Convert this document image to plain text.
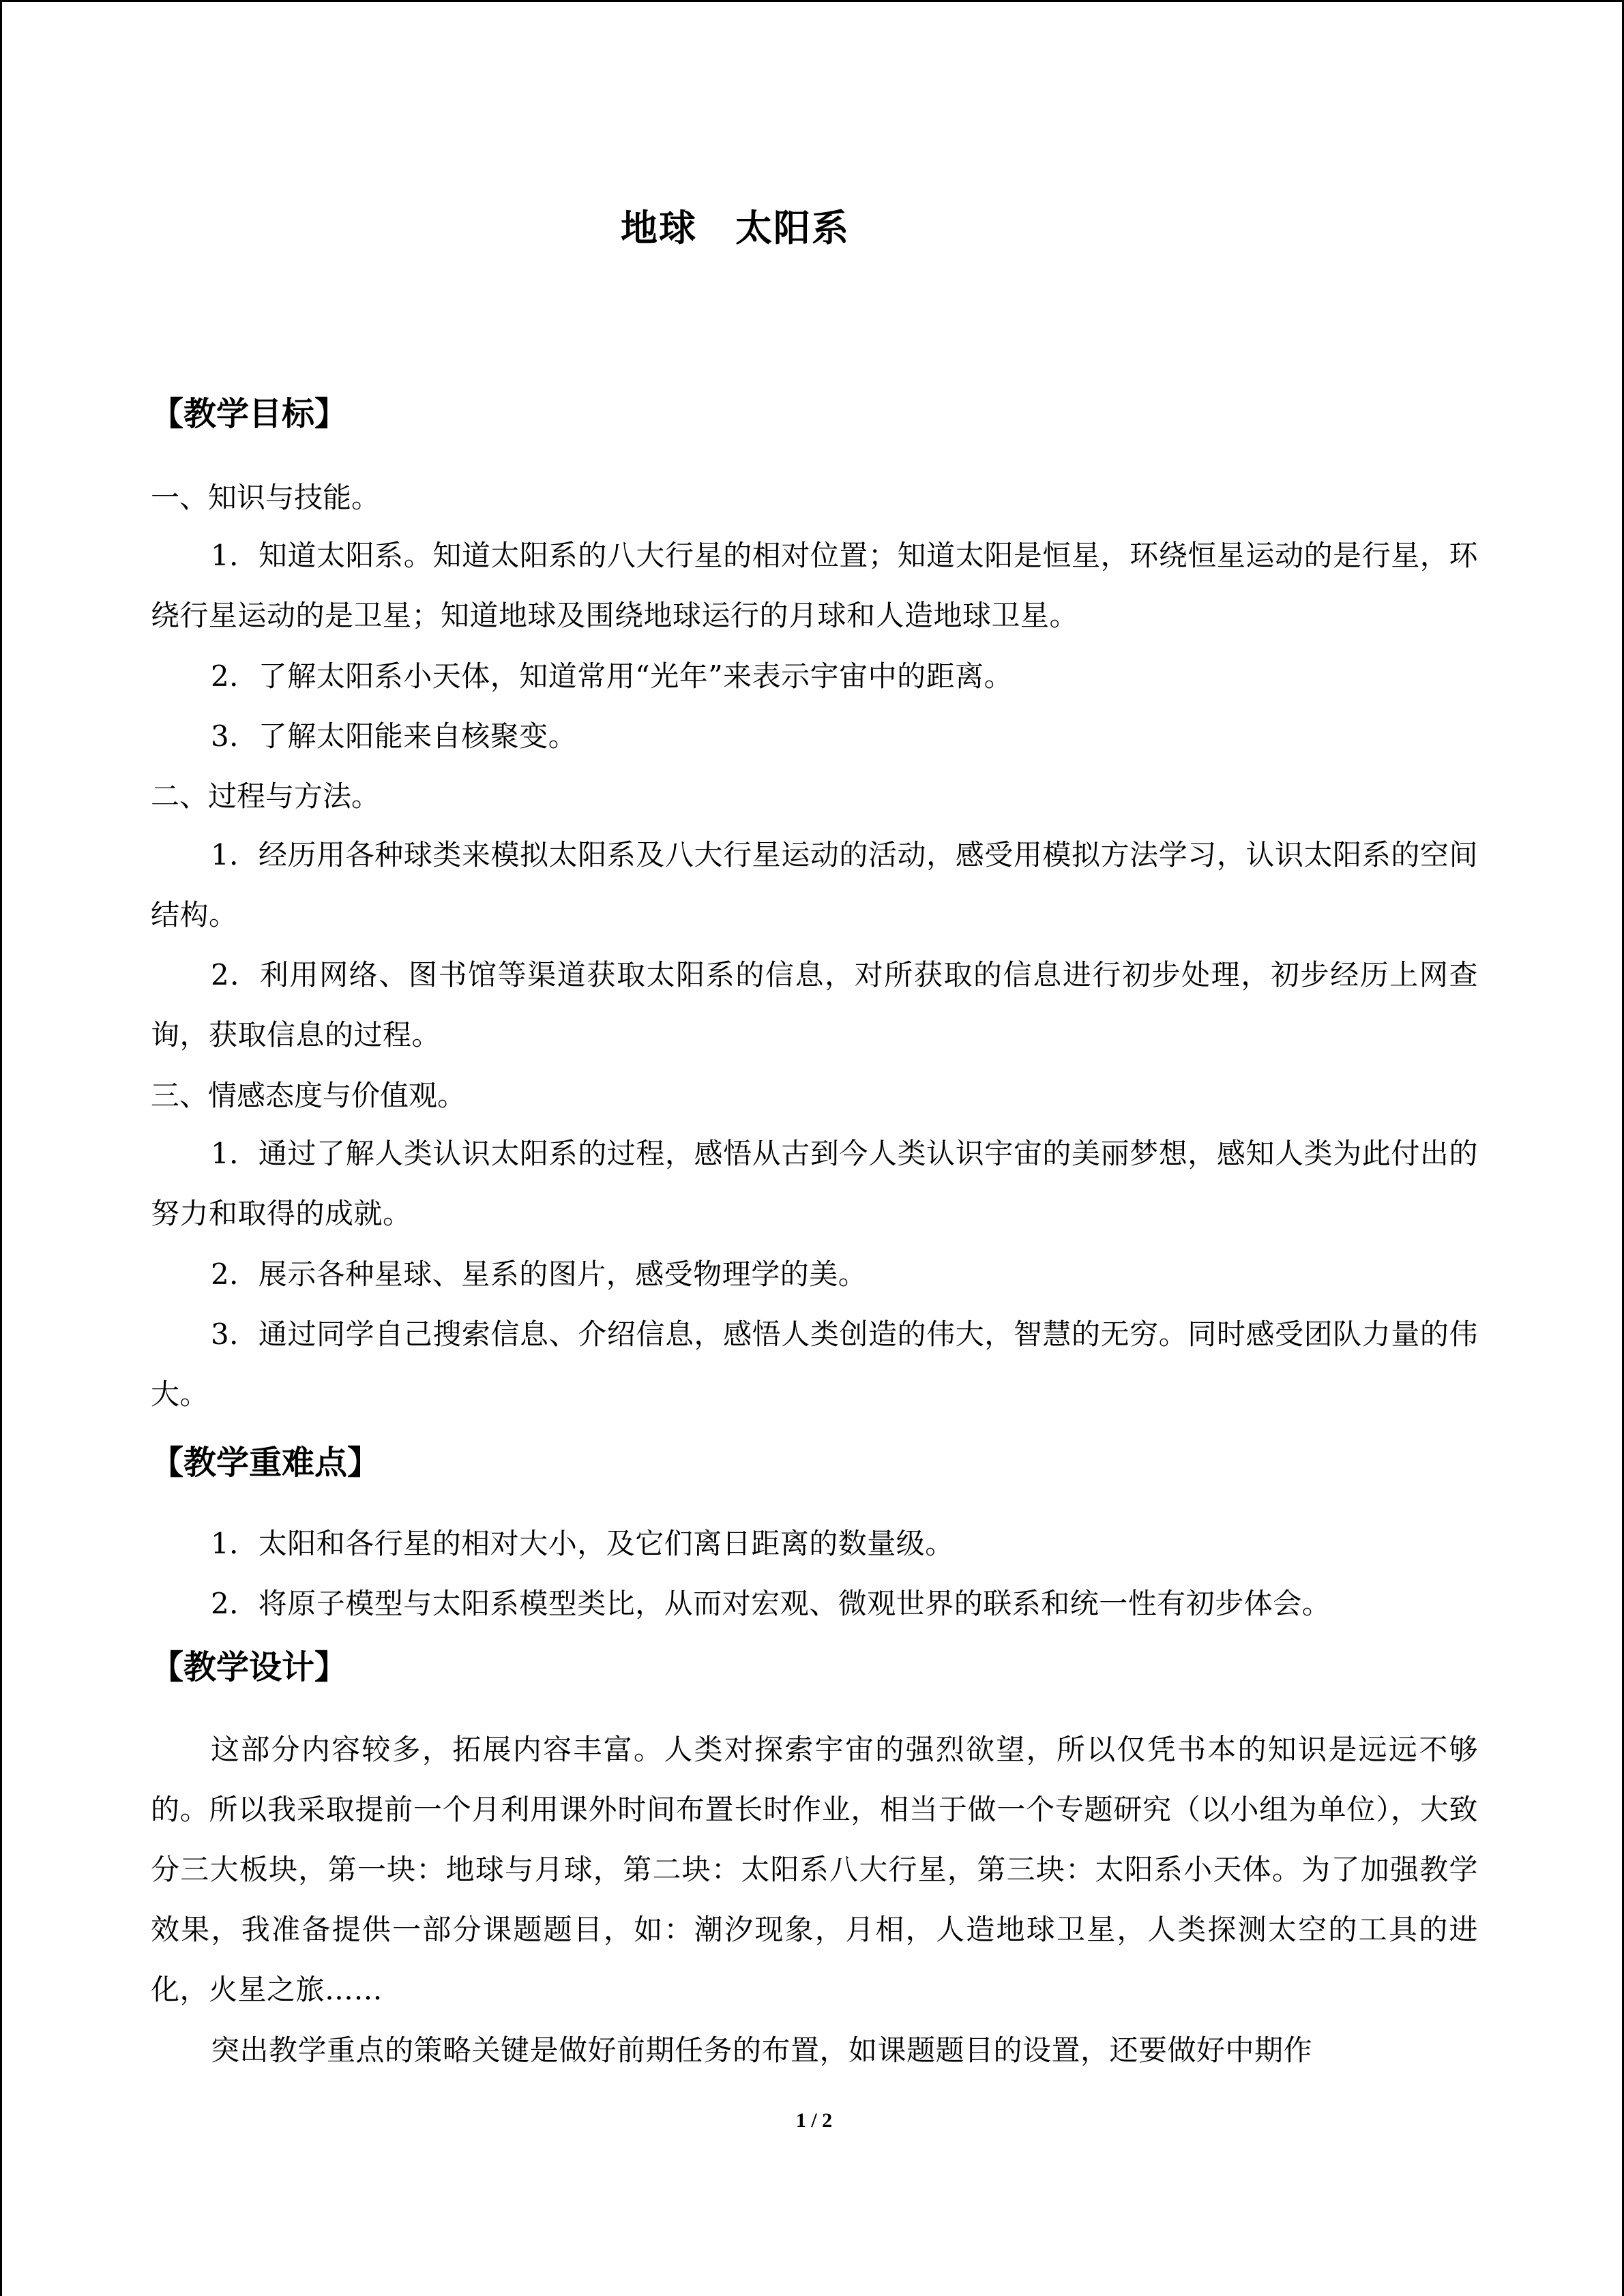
地球　太阳系
【教学目标】
一、知识与技能。
1．知道太阳系。知道太阳系的八大行星的相对位置；知道太阳是恒星，环绕恒星运动的是行星，环绕行星运动的是卫星；知道地球及围绕地球运行的月球和人造地球卫星。
2．了解太阳系小天体，知道常用“光年”来表示宇宙中的距离。
3．了解太阳能来自核聚变。
二、过程与方法。
1．经历用各种球类来模拟太阳系及八大行星运动的活动，感受用模拟方法学习，认识太阳系的空间结构。
2．利用网络、图书馆等渠道获取太阳系的信息，对所获取的信息进行初步处理，初步经历上网查询，获取信息的过程。
三、情感态度与价值观。
1．通过了解人类认识太阳系的过程，感悟从古到今人类认识宇宙的美丽梦想，感知人类为此付出的努力和取得的成就。
2．展示各种星球、星系的图片，感受物理学的美。
3．通过同学自己搜索信息、介绍信息，感悟人类创造的伟大，智慧的无穷。同时感受团队力量的伟大。
【教学重难点】
1．太阳和各行星的相对大小，及它们离日距离的数量级。
2．将原子模型与太阳系模型类比，从而对宏观、微观世界的联系和统一性有初步体会。
【教学设计】
这部分内容较多，拓展内容丰富。人类对探索宇宙的强烈欲望，所以仅凭书本的知识是远远不够的。所以我采取提前一个月利用课外时间布置长时作业，相当于做一个专题研究（以小组为单位），大致分三大板块，第一块：地球与月球，第二块：太阳系八大行星，第三块：太阳系小天体。为了加强教学效果，我准备提供一部分课题题目，如：潮汐现象，月相，人造地球卫星，人类探测太空的工具的进化，火星之旅……
突出教学重点的策略关键是做好前期任务的布置，如课题题目的设置，还要做好中期作
1 / 2
